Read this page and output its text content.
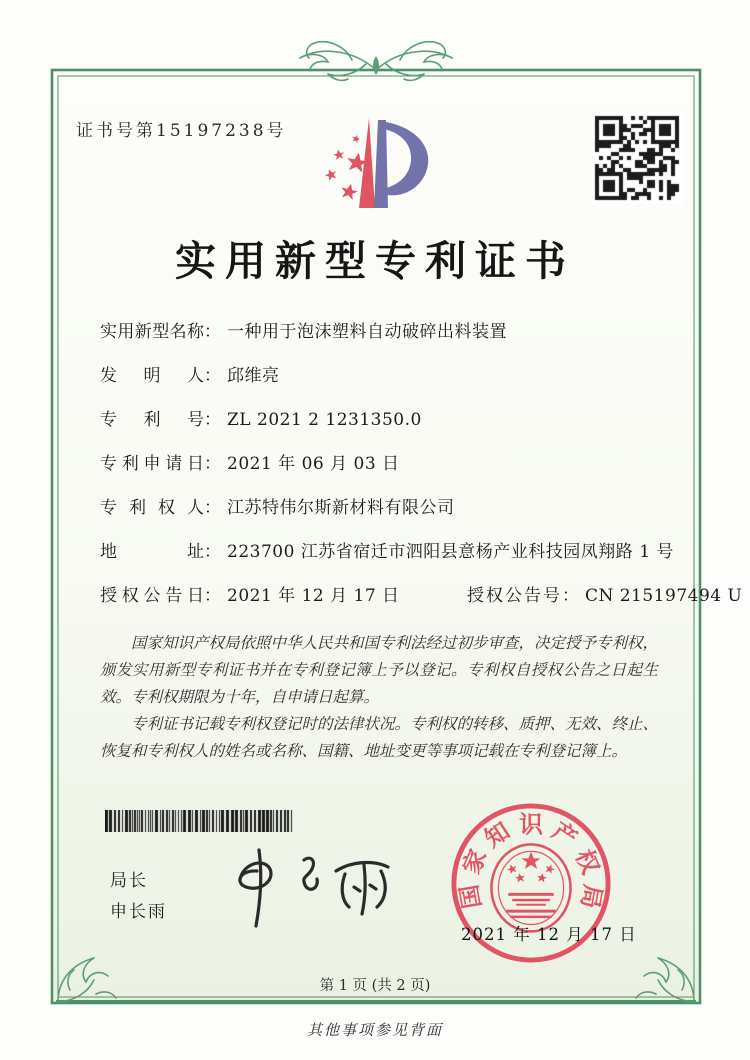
证书号第15197238号
实用新型专利证书
实用新型名称： 一种用于泡沫塑料自动破碎出料装置
发明人： 邱维亮
专利号： ZL 2021 2 1231350.0
专利申请日： 2021 年 06 月 03 日
专利权人： 江苏特伟尔斯新材料有限公司
地址： 223700 江苏省宿迁市泗阳县意杨产业科技园凤翔路 1 号
授权公告日： 2021 年 12 月 17 日	授权公告号： CN 215197494 U

国家知识产权局依照中华人民共和国专利法经过初步审查，决定授予专利权，颁发实用新型专利证书并在专利登记簿上予以登记。专利权自授权公告之日起生效。专利权期限为十年，自申请日起算。

专利证书记载专利权登记时的法律状况。专利权的转移、质押、无效、终止、恢复和专利权人的姓名或名称、国籍、地址变更等事项记载在专利登记簿上。

局长
申长雨
国
家
知 识 产
权
局
2021 年 12 月 17 日
第 1 页 (共 2 页)
其他事项参见背面
